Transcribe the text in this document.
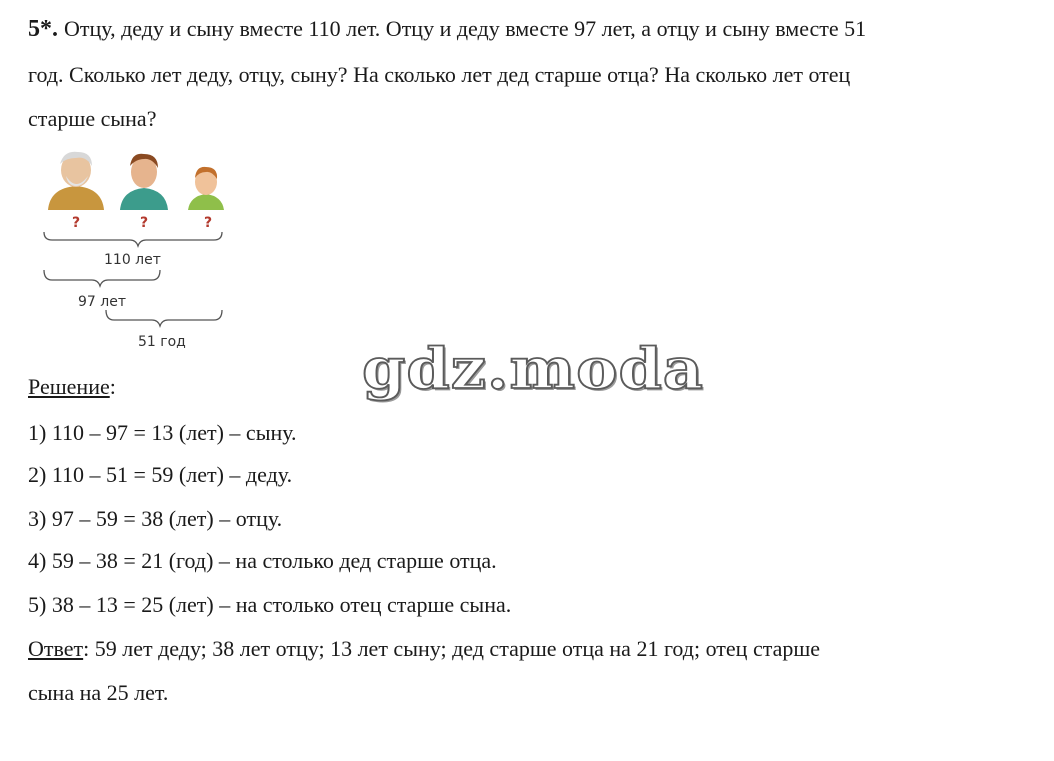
5*. Отцу, деду и сыну вместе 110 лет. Отцу и деду вместе 97 лет, а отцу и сыну вместе 51
год. Сколько лет деду, отцу, сыну? На сколько лет дед старше отца? На сколько лет отец
старше сына?
?	?	?
110 лет
97 лет
51 год	gdz.moda
Решение:
1) 110 – 97 = 13 (лет) – сыну.
2) 110 – 51 = 59 (лет) – деду.
3) 97 – 59 = 38 (лет) – отцу.
4) 59 – 38 = 21 (год) – на столько дед старше отца.
5) 38 – 13 = 25 (лет) – на столько отец старше сына.
Ответ: 59 лет деду; 38 лет отцу; 13 лет сыну; дед старше отца на 21 год; отец старше
сына на 25 лет.
